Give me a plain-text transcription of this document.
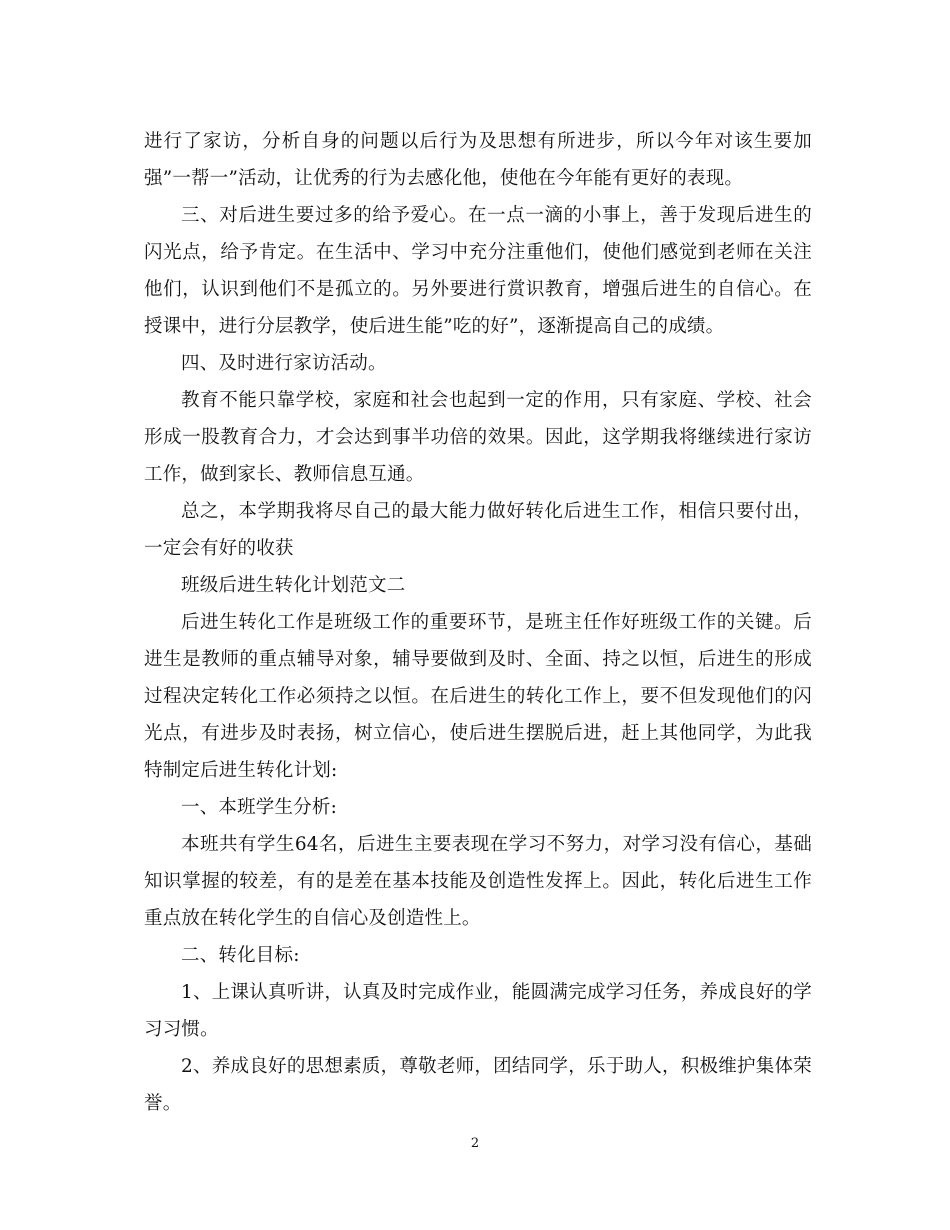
进行了家访，分析自身的问题以后行为及思想有所进步，所以今年对该生要加强”一帮一”活动，让优秀的行为去感化他，使他在今年能有更好的表现。

三、对后进生要过多的给予爱心。在一点一滴的小事上，善于发现后进生的闪光点，给予肯定。在生活中、学习中充分注重他们，使他们感觉到老师在关注他们，认识到他们不是孤立的。另外要进行赏识教育，增强后进生的自信心。在授课中，进行分层教学，使后进生能”吃的好”，逐渐提高自己的成绩。

四、及时进行家访活动。

教育不能只靠学校，家庭和社会也起到一定的作用，只有家庭、学校、社会形成一股教育合力，才会达到事半功倍的效果。因此，这学期我将继续进行家访工作，做到家长、教师信息互通。

总之，本学期我将尽自己的最大能力做好转化后进生工作，相信只要付出，一定会有好的收获

班级后进生转化计划范文二

后进生转化工作是班级工作的重要环节，是班主任作好班级工作的关键。后进生是教师的重点辅导对象，辅导要做到及时、全面、持之以恒，后进生的形成过程决定转化工作必须持之以恒。在后进生的转化工作上，要不但发现他们的闪光点，有进步及时表扬，树立信心，使后进生摆脱后进，赶上其他同学，为此我特制定后进生转化计划:

一、本班学生分析:

本班共有学生64名，后进生主要表现在学习不努力，对学习没有信心，基础知识掌握的较差，有的是差在基本技能及创造性发挥上。因此，转化后进生工作重点放在转化学生的自信心及创造性上。

二、转化目标:

1、上课认真听讲，认真及时完成作业，能圆满完成学习任务，养成良好的学习习惯。

2、养成良好的思想素质，尊敬老师，团结同学，乐于助人，积极维护集体荣誉。

2
